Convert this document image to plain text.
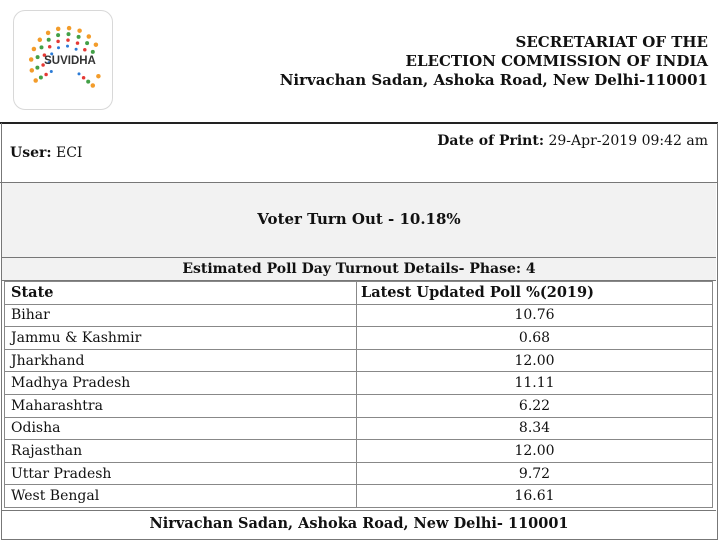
SUVIDHA
SECRETARIAT OF THE
ELECTION COMMISSION OF INDIA
Nirvachan Sadan, Ashoka Road, New Delhi-110001
User: ECI
Date of Print: 29-Apr-2019 09:42 am
Voter Turn Out - 10.18%
Estimated Poll Day Turnout Details- Phase: 4
State	Latest Updated Poll %(2019)
Bihar	10.76
Jammu & Kashmir	0.68
Jharkhand	12.00
Madhya Pradesh	11.11
Maharashtra	6.22
Odisha	8.34
Rajasthan	12.00
Uttar Pradesh	9.72
West Bengal	16.61
Nirvachan Sadan, Ashoka Road, New Delhi- 110001
